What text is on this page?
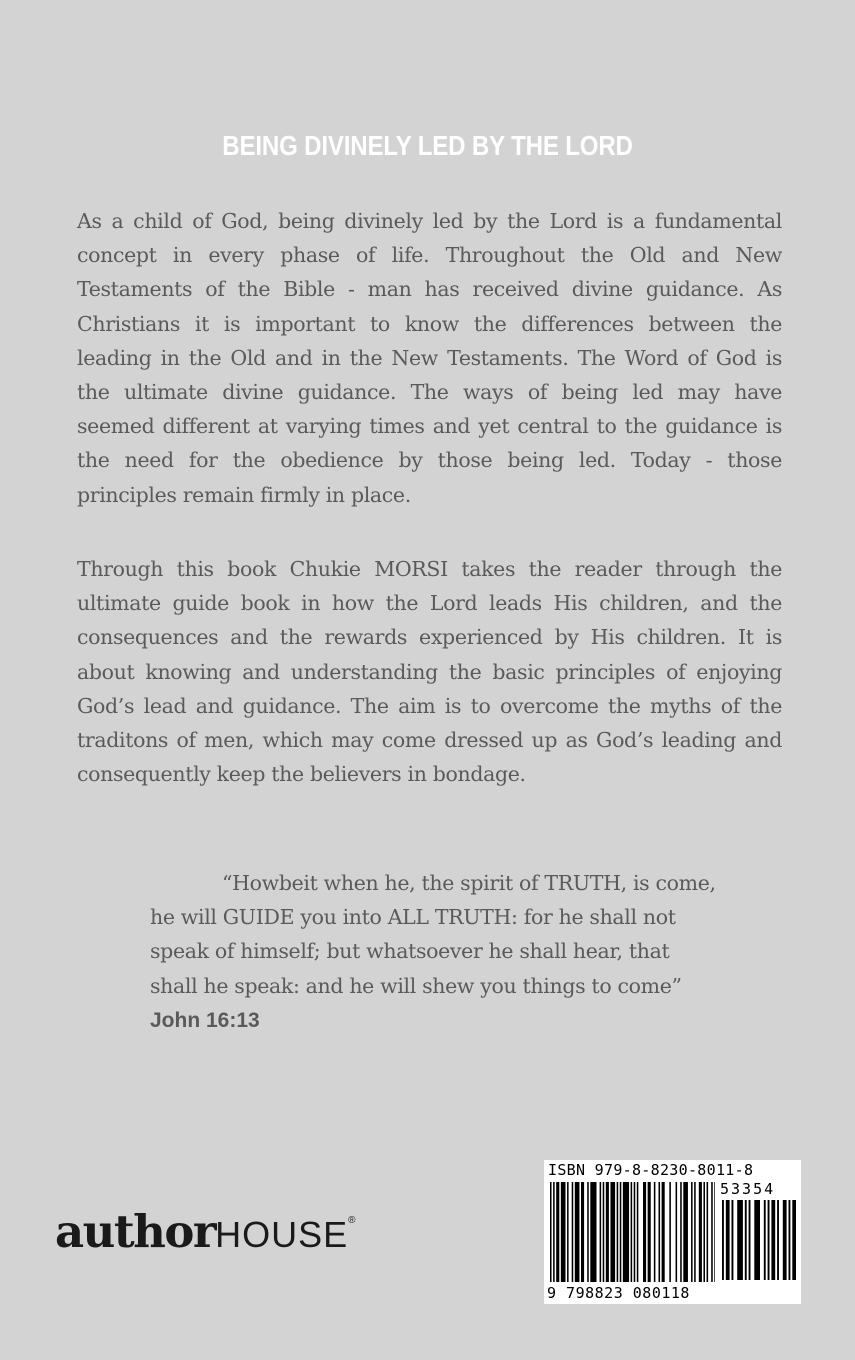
BEING DIVINELY LED BY THE LORD

As a child of God, being divinely led by the Lord is a fundamental concept in every phase of life. Throughout the Old and New Testaments of the Bible - man has received divine guidance. As Christians it is important to know the differences between the leading in the Old and in the New Testaments. The Word of God is the ultimate divine guidance. The ways of being led may have seemed different at varying times and yet central to the guidance is the need for the obedience by those being led. Today - those principles remain firmly in place.

Through this book Chukie MORSI takes the reader through the ultimate guide book in how the Lord leads His children, and the consequences and the rewards experienced by His children. It is about knowing and understanding the basic principles of enjoying God’s lead and guidance. The aim is to overcome the myths of the traditons of men, which may come dressed up as God’s leading and consequently keep the believers in bondage.

“Howbeit when he, the spirit of TRUTH, is come, he will GUIDE you into ALL TRUTH: for he shall not speak of himself; but whatsoever he shall hear, that shall he speak: and he will shew you things to come” John 16:13

authorHOUSE®
ISBN 979-8-8230-8011-8
53354
9 798823 080118
